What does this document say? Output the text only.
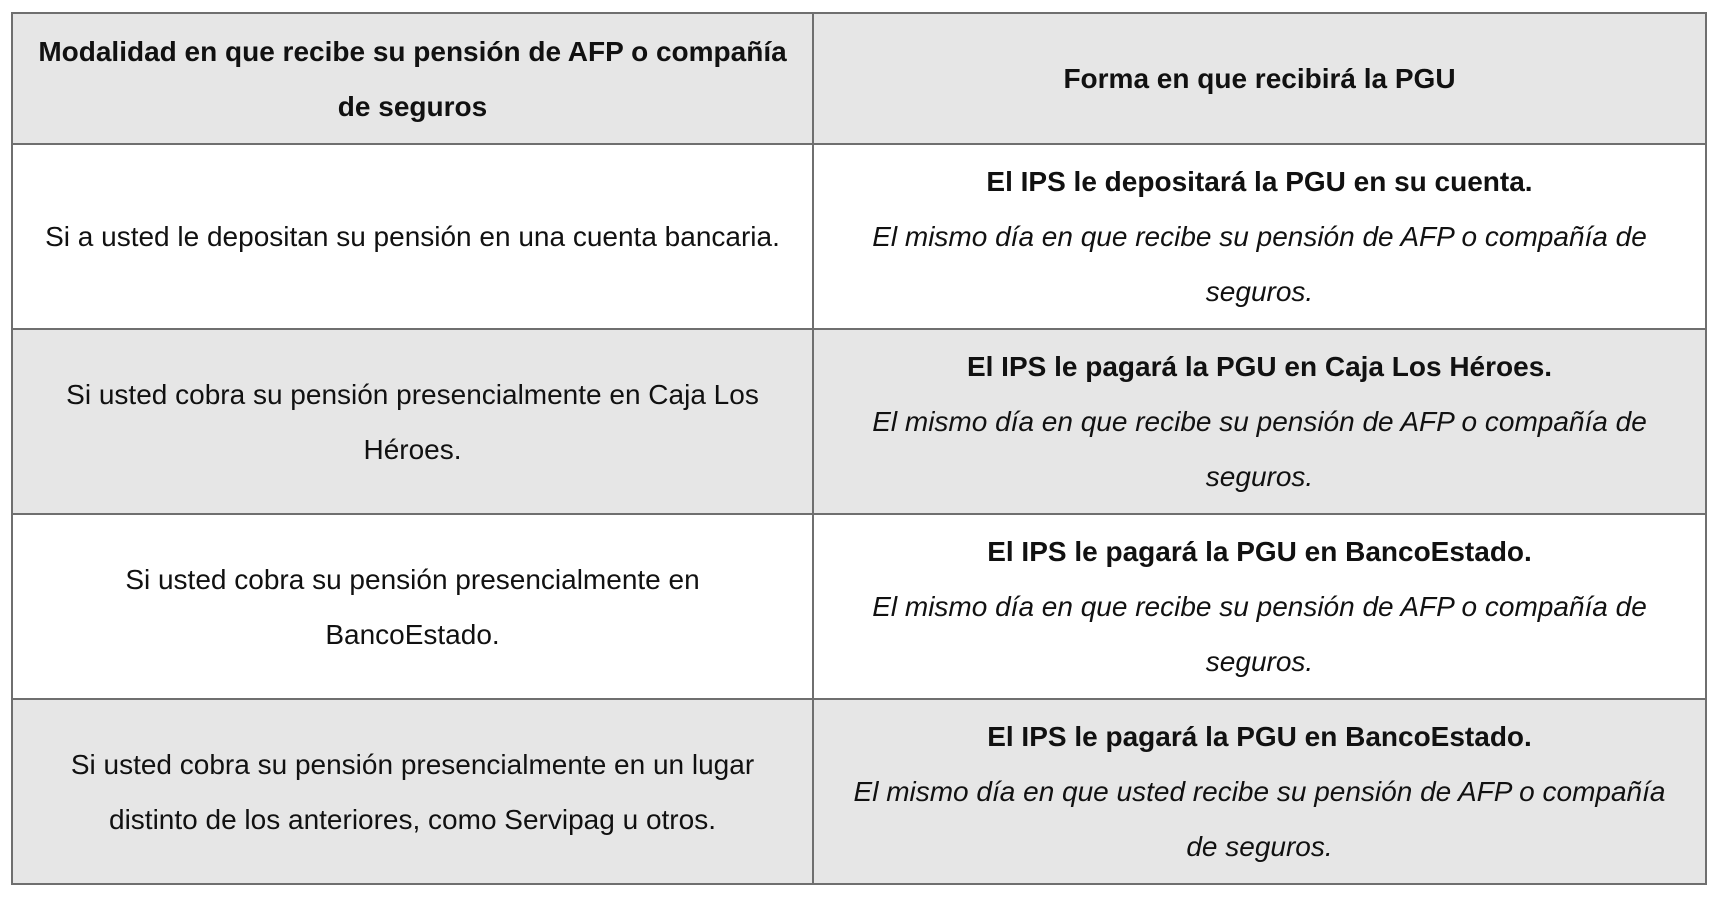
Modalidad en que recibe su pensión de AFP o compañía de seguros	Forma en que recibirá la PGU
Si a usted le depositan su pensión en una cuenta bancaria.	El IPS le depositará la PGU en su cuenta.
El mismo día en que recibe su pensión de AFP o compañía de seguros.

Si usted cobra su pensión presencialmente en Caja Los Héroes.	El IPS le pagará la PGU en Caja Los Héroes.
El mismo día en que recibe su pensión de AFP o compañía de seguros.

Si usted cobra su pensión presencialmente en BancoEstado.	El IPS le pagará la PGU en BancoEstado.
El mismo día en que recibe su pensión de AFP o compañía de seguros.

Si usted cobra su pensión presencialmente en un lugar distinto de los anteriores, como Servipag u otros.	El IPS le pagará la PGU en BancoEstado.
El mismo día en que usted recibe su pensión de AFP o compañía de seguros.
